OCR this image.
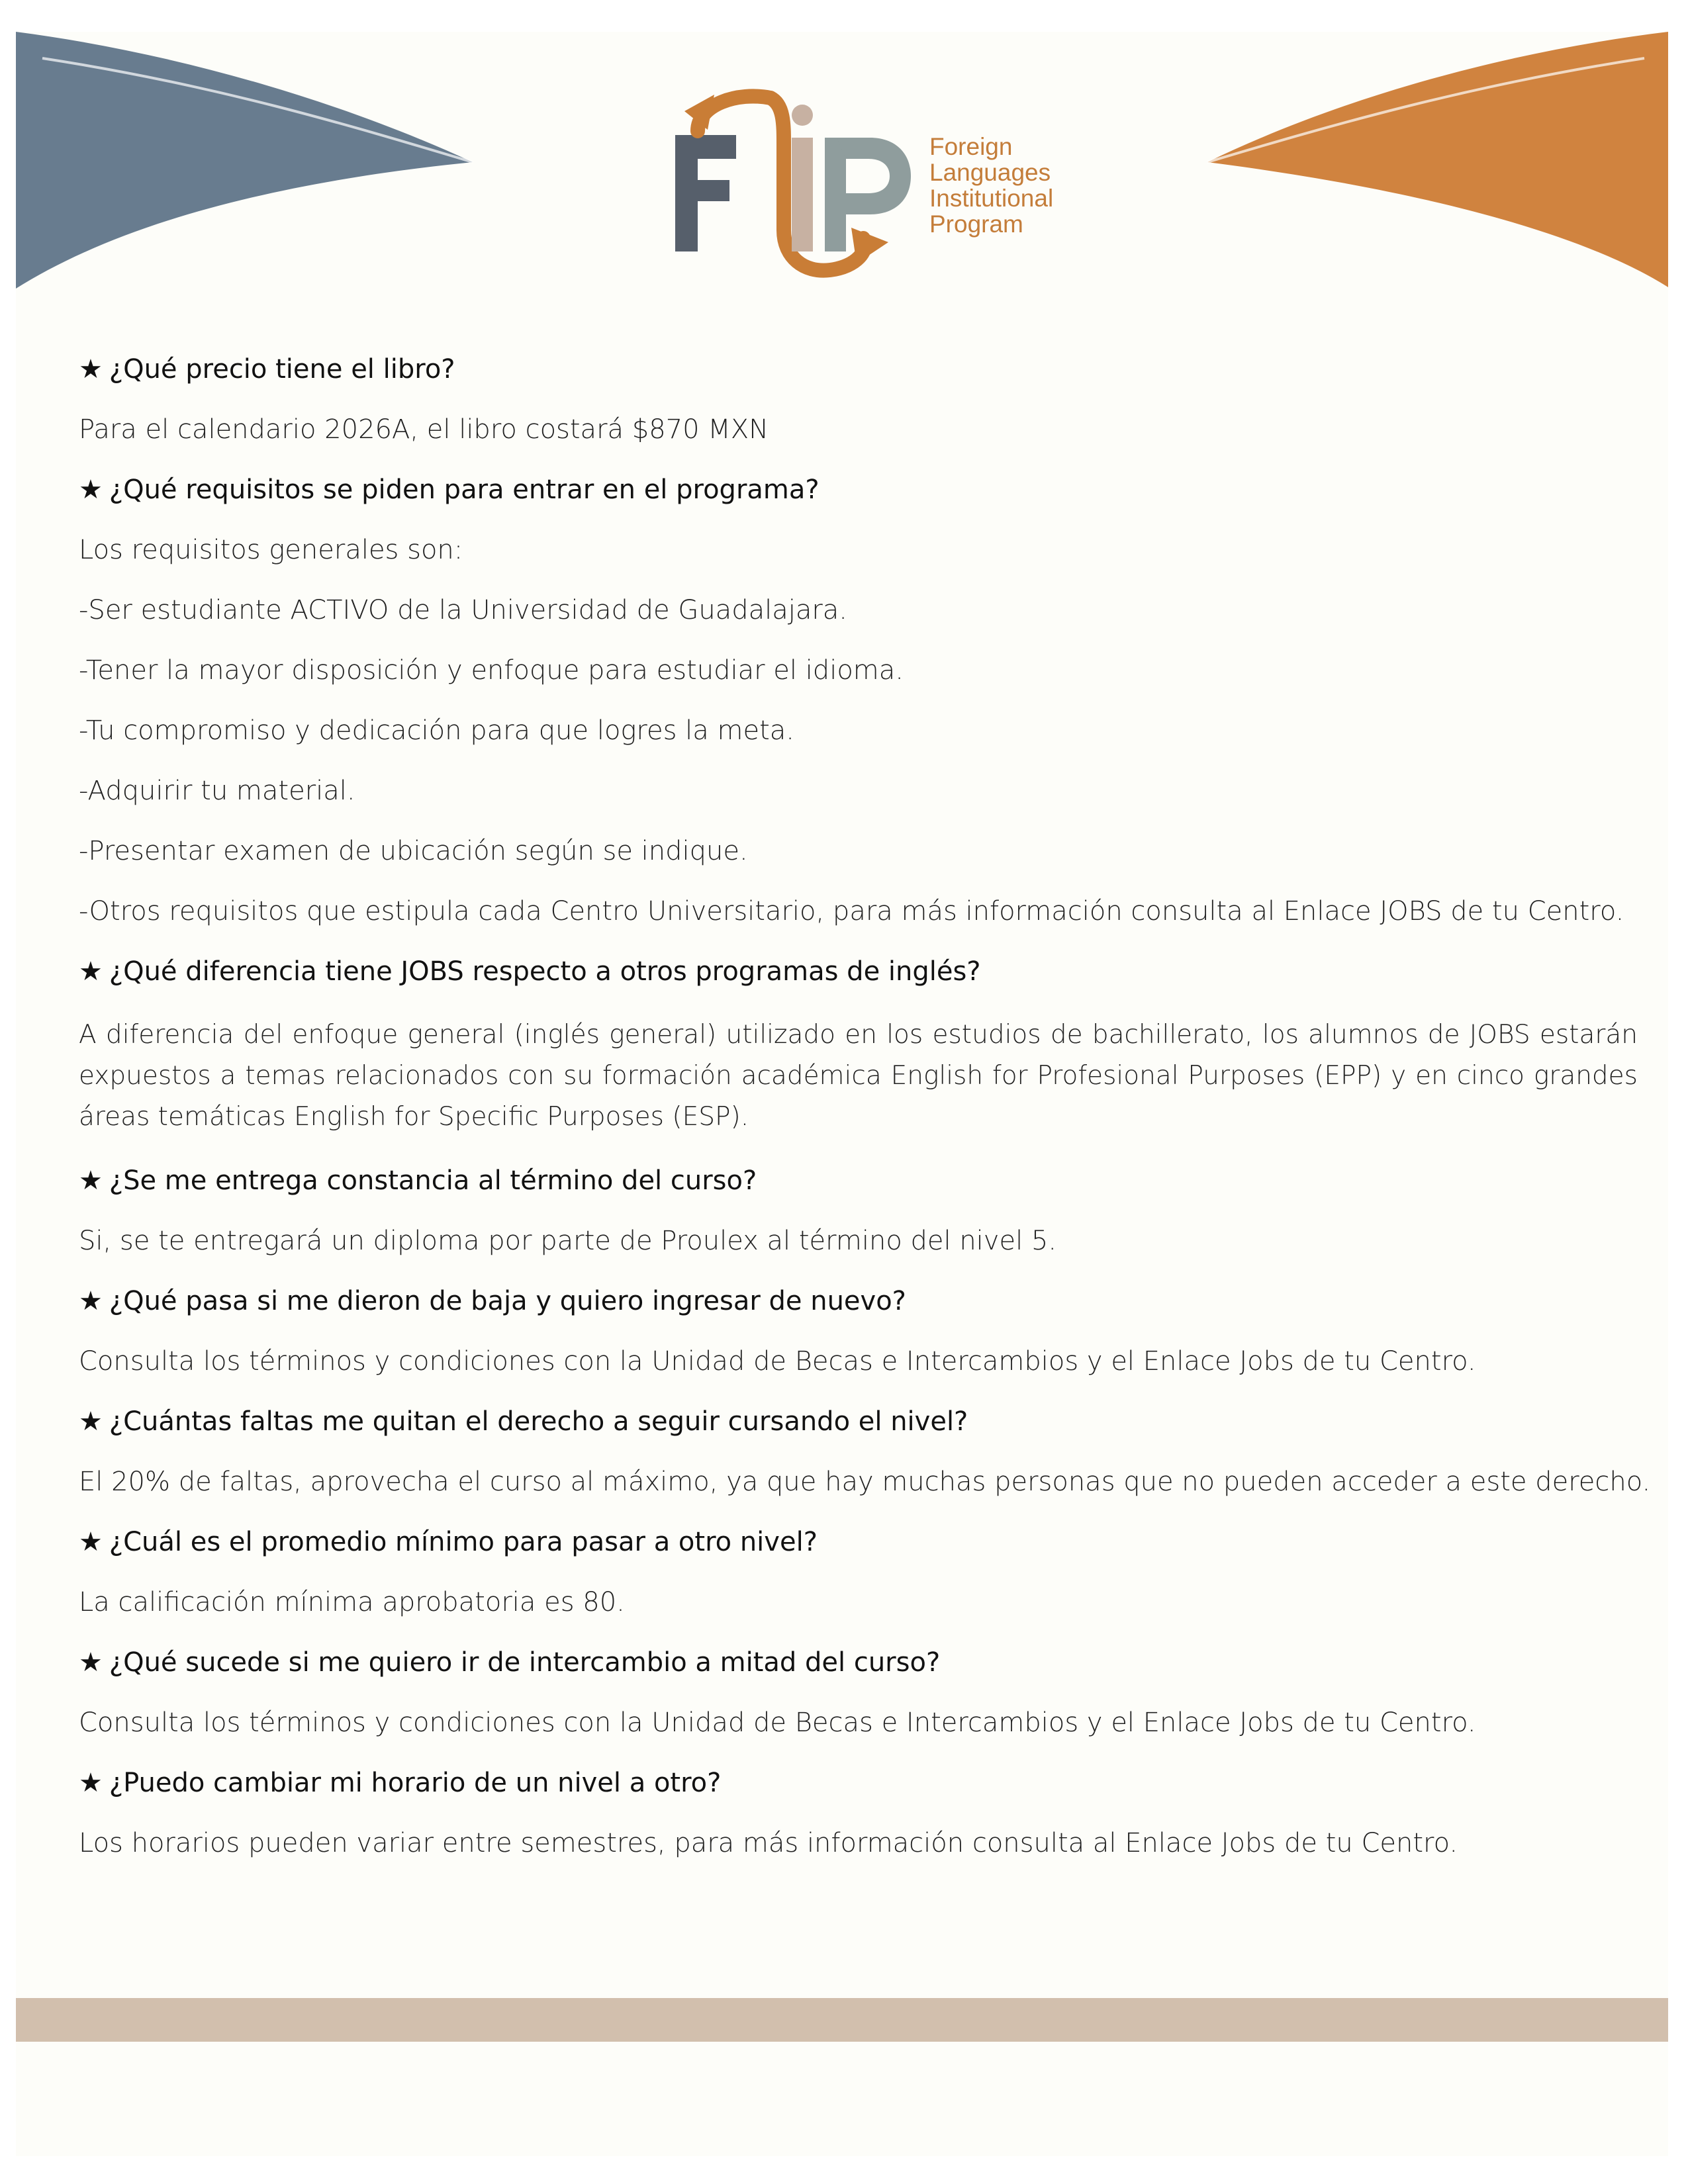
Foreign
Languages
Institutional
Program
★ ¿Qué precio tiene el libro?
Para el calendario 2026A, el libro costará $870 MXN
★ ¿Qué requisitos se piden para entrar en el programa?
Los requisitos generales son:
-Ser estudiante ACTIVO de la Universidad de Guadalajara.
-Tener la mayor disposición y enfoque para estudiar el idioma.
-Tu compromiso y dedicación para que logres la meta.
-Adquirir tu material.
-Presentar examen de ubicación según se indique.
-Otros requisitos que estipula cada Centro Universitario, para más información consulta al Enlace JOBS de tu Centro.
★ ¿Qué diferencia tiene JOBS respecto a otros programas de inglés?
A diferencia del enfoque general (inglés general) utilizado en los estudios de bachillerato, los alumnos de JOBS estarán expuestos a temas relacionados con su formación académica English for Profesional Purposes (EPP) y en cinco grandes áreas temáticas English for Specific Purposes (ESP).
★ ¿Se me entrega constancia al término del curso?
Si, se te entregará un diploma por parte de Proulex al término del nivel 5.
★ ¿Qué pasa si me dieron de baja y quiero ingresar de nuevo?
Consulta los términos y condiciones con la Unidad de Becas e Intercambios y el Enlace Jobs de tu Centro.
★ ¿Cuántas faltas me quitan el derecho a seguir cursando el nivel?
El 20% de faltas, aprovecha el curso al máximo, ya que hay muchas personas que no pueden acceder a este derecho.
★ ¿Cuál es el promedio mínimo para pasar a otro nivel?
La calificación mínima aprobatoria es 80.
★ ¿Qué sucede si me quiero ir de intercambio a mitad del curso?
Consulta los términos y condiciones con la Unidad de Becas e Intercambios y el Enlace Jobs de tu Centro.
★ ¿Puedo cambiar mi horario de un nivel a otro?
Los horarios pueden variar entre semestres, para más información consulta al Enlace Jobs de tu Centro.
